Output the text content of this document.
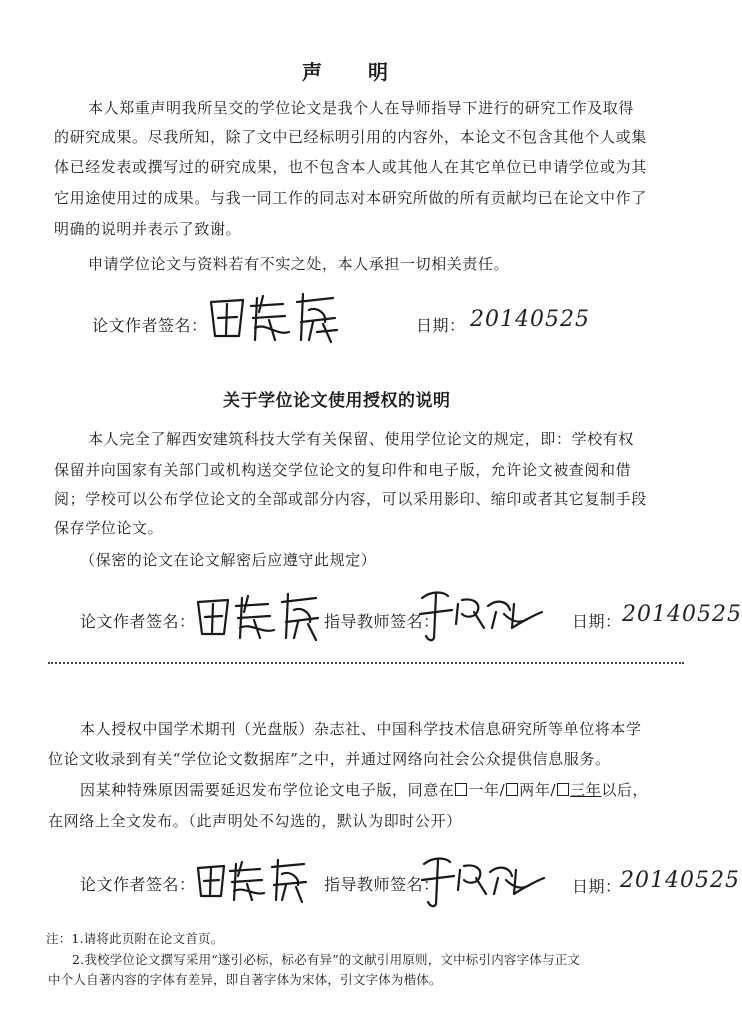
声明
本人郑重声明我所呈交的学位论文是我个人在导师指导下进行的研究工作及取得
的研究成果。尽我所知，除了文中已经标明引用的内容外，本论文不包含其他个人或集
体已经发表或撰写过的研究成果，也不包含本人或其他人在其它单位已申请学位或为其
它用途使用过的成果。与我一同工作的同志对本研究所做的所有贡献均已在论文中作了
明确的说明并表示了致谢。
申请学位论文与资料若有不实之处，本人承担一切相关责任。
论文作者签名：	日期： 20140525
关于学位论文使用授权的说明
本人完全了解西安建筑科技大学有关保留、使用学位论文的规定，即：学校有权
保留并向国家有关部门或机构送交学位论文的复印件和电子版，允许论文被查阅和借
阅；学校可以公布学位论文的全部或部分内容，可以采用影印、缩印或者其它复制手段
保存学位论文。
（保密的论文在论文解密后应遵守此规定）
论文作者签名：	指导教师签名：	日期： 20140525
本人授权中国学术期刊（光盘版）杂志社、中国科学技术信息研究所等单位将本学
位论文收录到有关“学位论文数据库”之中，并通过网络向社会公众提供信息服务。
因某种特殊原因需要延迟发布学位论文电子版，同意在 一年/ 两年/ 三年以后，
在网络上全文发布。（此声明处不勾选的，默认为即时公开）
论文作者签名：	指导教师签名：	日期：
20140525
注：1.请将此页附在论文首页。
2.我校学位论文撰写采用“遂引必标，标必有异”的文献引用原则，文中标引内容字体与正文
中个人自著内容的字体有差异，即自著字体为宋体，引文字体为楷体。
